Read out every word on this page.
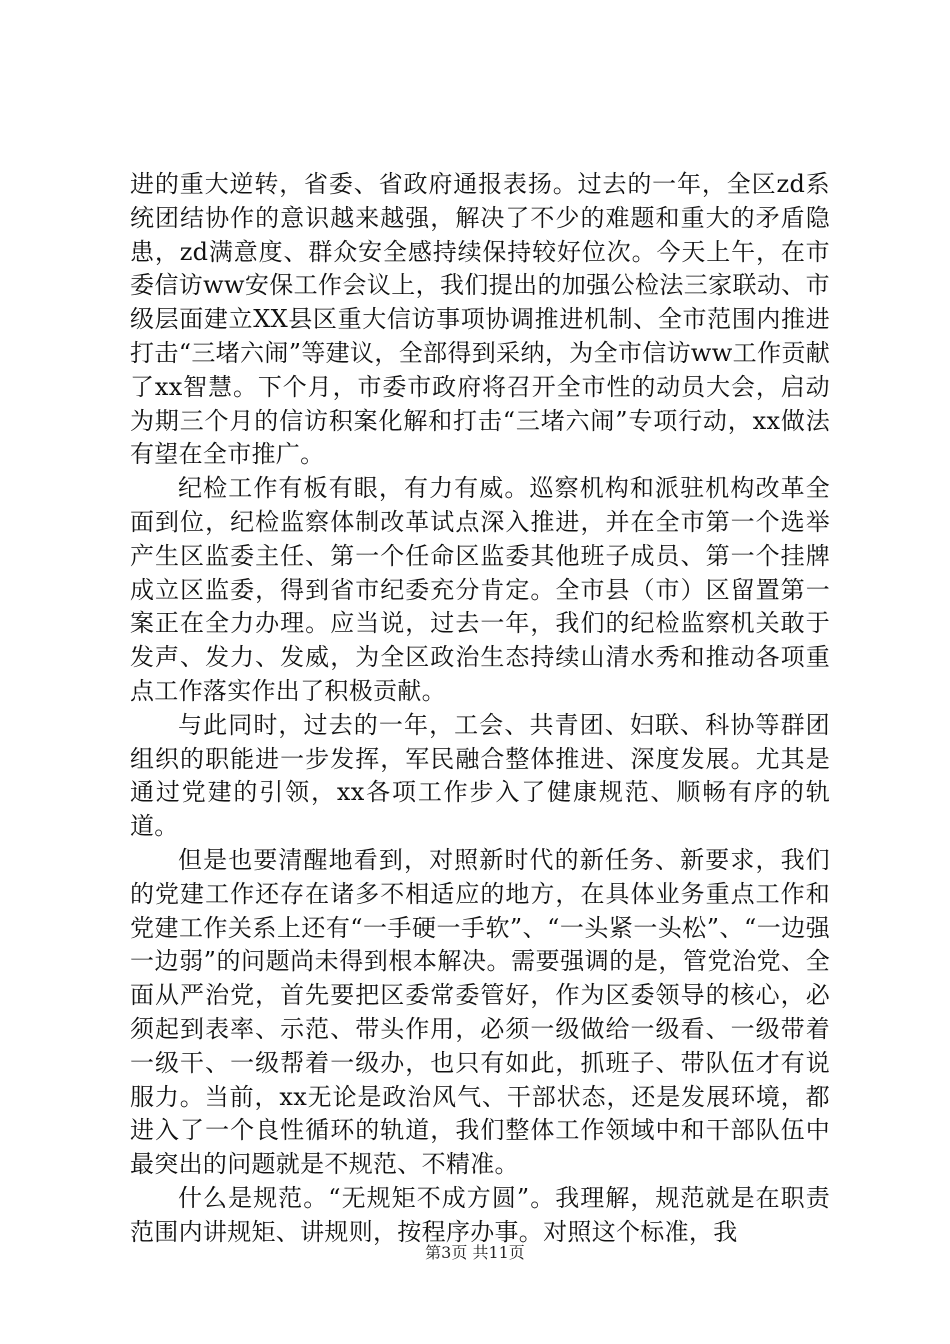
进的重大逆转，省委、省政府通报表扬。过去的一年，全区zd系统团结协作的意识越来越强，解决了不少的难题和重大的矛盾隐患，zd满意度、群众安全感持续保持较好位次。今天上午，在市委信访ww安保工作会议上，我们提出的加强公检法三家联动、市级层面建立XX县区重大信访事项协调推进机制、全市范围内推进打击“三堵六闹”等建议，全部得到采纳，为全市信访ww工作贡献了xx智慧。下个月，市委市政府将召开全市性的动员大会，启动为期三个月的信访积案化解和打击“三堵六闹”专项行动，xx做法有望在全市推广。

纪检工作有板有眼，有力有威。巡察机构和派驻机构改革全面到位，纪检监察体制改革试点深入推进，并在全市第一个选举产生区监委主任、第一个任命区监委其他班子成员、第一个挂牌成立区监委，得到省市纪委充分肯定。全市县（市）区留置第一案正在全力办理。应当说，过去一年，我们的纪检监察机关敢于发声、发力、发威，为全区政治生态持续山清水秀和推动各项重点工作落实作出了积极贡献。

与此同时，过去的一年，工会、共青团、妇联、科协等群团组织的职能进一步发挥，军民融合整体推进、深度发展。尤其是通过党建的引领，xx各项工作步入了健康规范、顺畅有序的轨道。

但是也要清醒地看到，对照新时代的新任务、新要求，我们的党建工作还存在诸多不相适应的地方，在具体业务重点工作和党建工作关系上还有“一手硬一手软”、“一头紧一头松”、“一边强一边弱”的问题尚未得到根本解决。需要强调的是，管党治党、全面从严治党，首先要把区委常委管好，作为区委领导的核心，必须起到表率、示范、带头作用，必须一级做给一级看、一级带着一级干、一级帮着一级办，也只有如此，抓班子、带队伍才有说服力。当前，xx无论是政治风气、干部状态，还是发展环境，都进入了一个良性循环的轨道，我们整体工作领域中和干部队伍中最突出的问题就是不规范、不精准。

什么是规范。“无规矩不成方圆”。我理解，规范就是在职责范围内讲规矩、讲规则，按程序办事。对照这个标准，我

第3页 共11页
